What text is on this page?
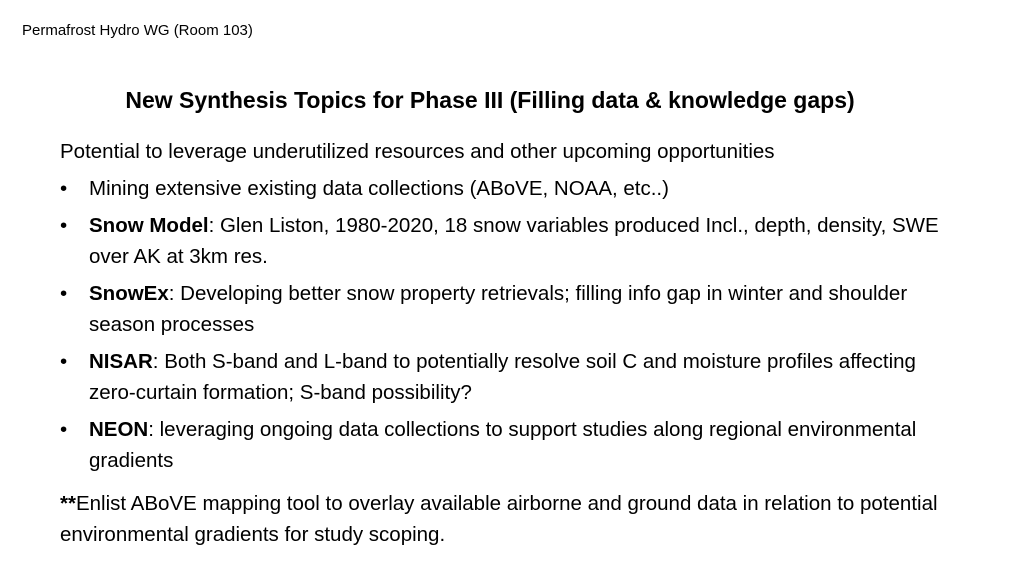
Permafrost Hydro WG (Room 103)
New Synthesis Topics for Phase III (Filling data & knowledge gaps)
Potential to leverage underutilized resources and other upcoming opportunities
•	Mining extensive existing data collections (ABoVE, NOAA, etc..)
•	Snow Model: Glen Liston, 1980-2020, 18 snow variables produced Incl., depth, density, SWE over AK at 3km res.
•	SnowEx: Developing better snow property retrievals; filling info gap in winter and shoulder season processes
•	NISAR: Both S-band and L-band to potentially resolve soil C and moisture profiles affecting zero-curtain formation; S-band possibility?
•	NEON: leveraging ongoing data collections to support studies along regional environmental gradients
**Enlist ABoVE mapping tool to overlay available airborne and ground data in relation to potential environmental gradients for study scoping.
